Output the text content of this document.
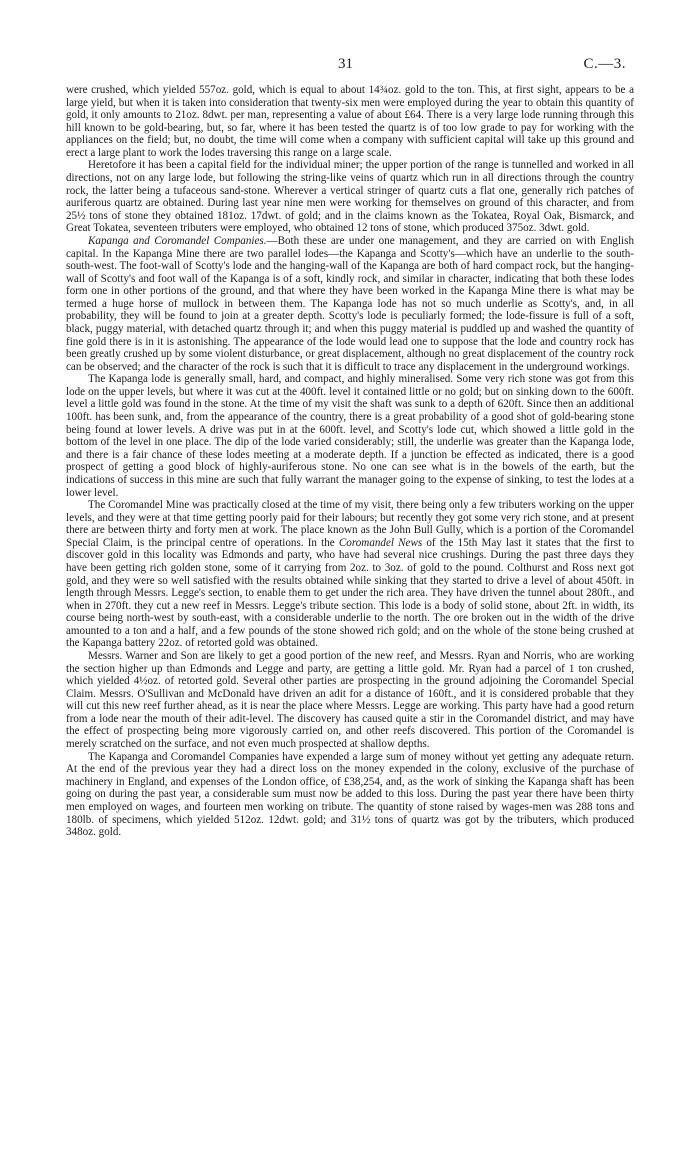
31	C.—3.

were crushed, which yielded 557oz. gold, which is equal to about 14¾oz. gold to the ton. This, at first sight, appears to be a large yield, but when it is taken into consideration that twenty-six men were employed during the year to obtain this quantity of gold, it only amounts to 21oz. 8dwt. per man, representing a value of about £64. There is a very large lode running through this hill known to be gold-bearing, but, so far, where it has been tested the quartz is of too low grade to pay for working with the appliances on the field; but, no doubt, the time will come when a company with sufficient capital will take up this ground and erect a large plant to work the lodes traversing this range on a large scale.

Heretofore it has been a capital field for the individual miner; the upper portion of the range is tunnelled and worked in all directions, not on any large lode, but following the string-like veins of quartz which run in all directions through the country rock, the latter being a tufaceous sand-stone. Wherever a vertical stringer of quartz cuts a flat one, generally rich patches of auriferous quartz are obtained. During last year nine men were working for themselves on ground of this character, and from 25½ tons of stone they obtained 181oz. 17dwt. of gold; and in the claims known as the Tokatea, Royal Oak, Bismarck, and Great Tokatea, seventeen tributers were employed, who obtained 12 tons of stone, which produced 375oz. 3dwt. gold.

Kapanga and Coromandel Companies.—Both these are under one management, and they are carried on with English capital. In the Kapanga Mine there are two parallel lodes—the Kapanga and Scotty's—which have an underlie to the south-south-west. The foot-wall of Scotty's lode and the hanging-wall of the Kapanga are both of hard compact rock, but the hanging-wall of Scotty's and foot wall of the Kapanga is of a soft, kindly rock, and similar in character, indicating that both these lodes form one in other portions of the ground, and that where they have been worked in the Kapanga Mine there is what may be termed a huge horse of mullock in between them. The Kapanga lode has not so much underlie as Scotty's, and, in all probability, they will be found to join at a greater depth. Scotty's lode is peculiarly formed; the lode-fissure is full of a soft, black, puggy material, with detached quartz through it; and when this puggy material is puddled up and washed the quantity of fine gold there is in it is astonishing. The appearance of the lode would lead one to suppose that the lode and country rock has been greatly crushed up by some violent disturbance, or great displacement, although no great displacement of the country rock can be observed; and the character of the rock is such that it is difficult to trace any displacement in the underground workings.

The Kapanga lode is generally small, hard, and compact, and highly mineralised. Some very rich stone was got from this lode on the upper levels, but where it was cut at the 400ft. level it contained little or no gold; but on sinking down to the 600ft. level a little gold was found in the stone. At the time of my visit the shaft was sunk to a depth of 620ft. Since then an additional 100ft. has been sunk, and, from the appearance of the country, there is a great probability of a good shot of gold-bearing stone being found at lower levels. A drive was put in at the 600ft. level, and Scotty's lode cut, which showed a little gold in the bottom of the level in one place. The dip of the lode varied considerably; still, the underlie was greater than the Kapanga lode, and there is a fair chance of these lodes meeting at a moderate depth. If a junction be effected as indicated, there is a good prospect of getting a good block of highly-auriferous stone. No one can see what is in the bowels of the earth, but the indications of success in this mine are such that fully warrant the manager going to the expense of sinking, to test the lodes at a lower level.

The Coromandel Mine was practically closed at the time of my visit, there being only a few tributers working on the upper levels, and they were at that time getting poorly paid for their labours; but recently they got some very rich stone, and at present there are between thirty and forty men at work. The place known as the John Bull Gully, which is a portion of the Coromandel Special Claim, is the principal centre of operations. In the Coromandel News of the 15th May last it states that the first to discover gold in this locality was Edmonds and party, who have had several nice crushings. During the past three days they have been getting rich golden stone, some of it carrying from 2oz. to 3oz. of gold to the pound. Colthurst and Ross next got gold, and they were so well satisfied with the results obtained while sinking that they started to drive a level of about 450ft. in length through Messrs. Legge's section, to enable them to get under the rich area. They have driven the tunnel about 280ft., and when in 270ft. they cut a new reef in Messrs. Legge's tribute section. This lode is a body of solid stone, about 2ft. in width, its course being north-west by south-east, with a considerable underlie to the north. The ore broken out in the width of the drive amounted to a ton and a half, and a few pounds of the stone showed rich gold; and on the whole of the stone being crushed at the Kapanga battery 22oz. of retorted gold was obtained.

Messrs. Warner and Son are likely to get a good portion of the new reef, and Messrs. Ryan and Norris, who are working the section higher up than Edmonds and Legge and party, are getting a little gold. Mr. Ryan had a parcel of 1 ton crushed, which yielded 4½oz. of retorted gold. Several other parties are prospecting in the ground adjoining the Coromandel Special Claim. Messrs. O'Sullivan and McDonald have driven an adit for a distance of 160ft., and it is considered probable that they will cut this new reef further ahead, as it is near the place where Messrs. Legge are working. This party have had a good return from a lode near the mouth of their adit-level. The discovery has caused quite a stir in the Coromandel district, and may have the effect of prospecting being more vigorously carried on, and other reefs discovered. This portion of the Coromandel is merely scratched on the surface, and not even much prospected at shallow depths.

The Kapanga and Coromandel Companies have expended a large sum of money without yet getting any adequate return. At the end of the previous year they had a direct loss on the money expended in the colony, exclusive of the purchase of machinery in England, and expenses of the London office, of £38,254, and, as the work of sinking the Kapanga shaft has been going on during the past year, a considerable sum must now be added to this loss. During the past year there have been thirty men employed on wages, and fourteen men working on tribute. The quantity of stone raised by wages-men was 288 tons and 180lb. of specimens, which yielded 512oz. 12dwt. gold; and 31½ tons of quartz was got by the tributers, which produced 348oz. gold.
